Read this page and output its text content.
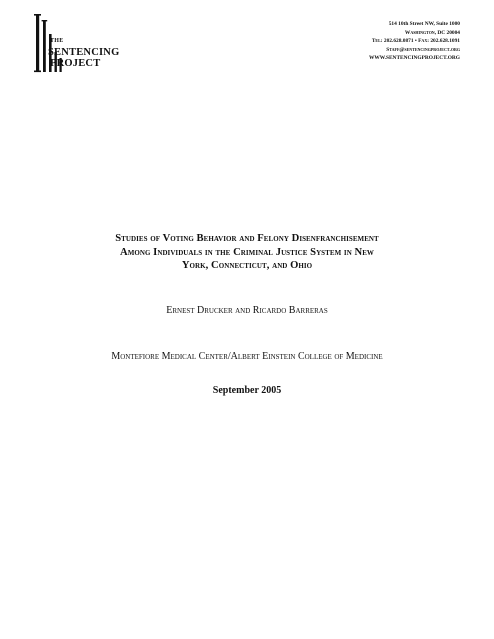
THE
SENTENCING
PROJECT
514 10th Street NW, Suite 1000
Washington, DC 20004
Tel: 202.628.0871 • Fax: 202.628.1091
Staff@sentencingproject.org
WWW.SENTENCINGPROJECT.ORG
Studies of Voting Behavior and Felony Disenfranchisement
Among Individuals in the Criminal Justice System in New
York, Connecticut, and Ohio
Ernest Drucker and Ricardo Barreras
Montefiore Medical Center/Albert Einstein College of Medicine
September 2005
